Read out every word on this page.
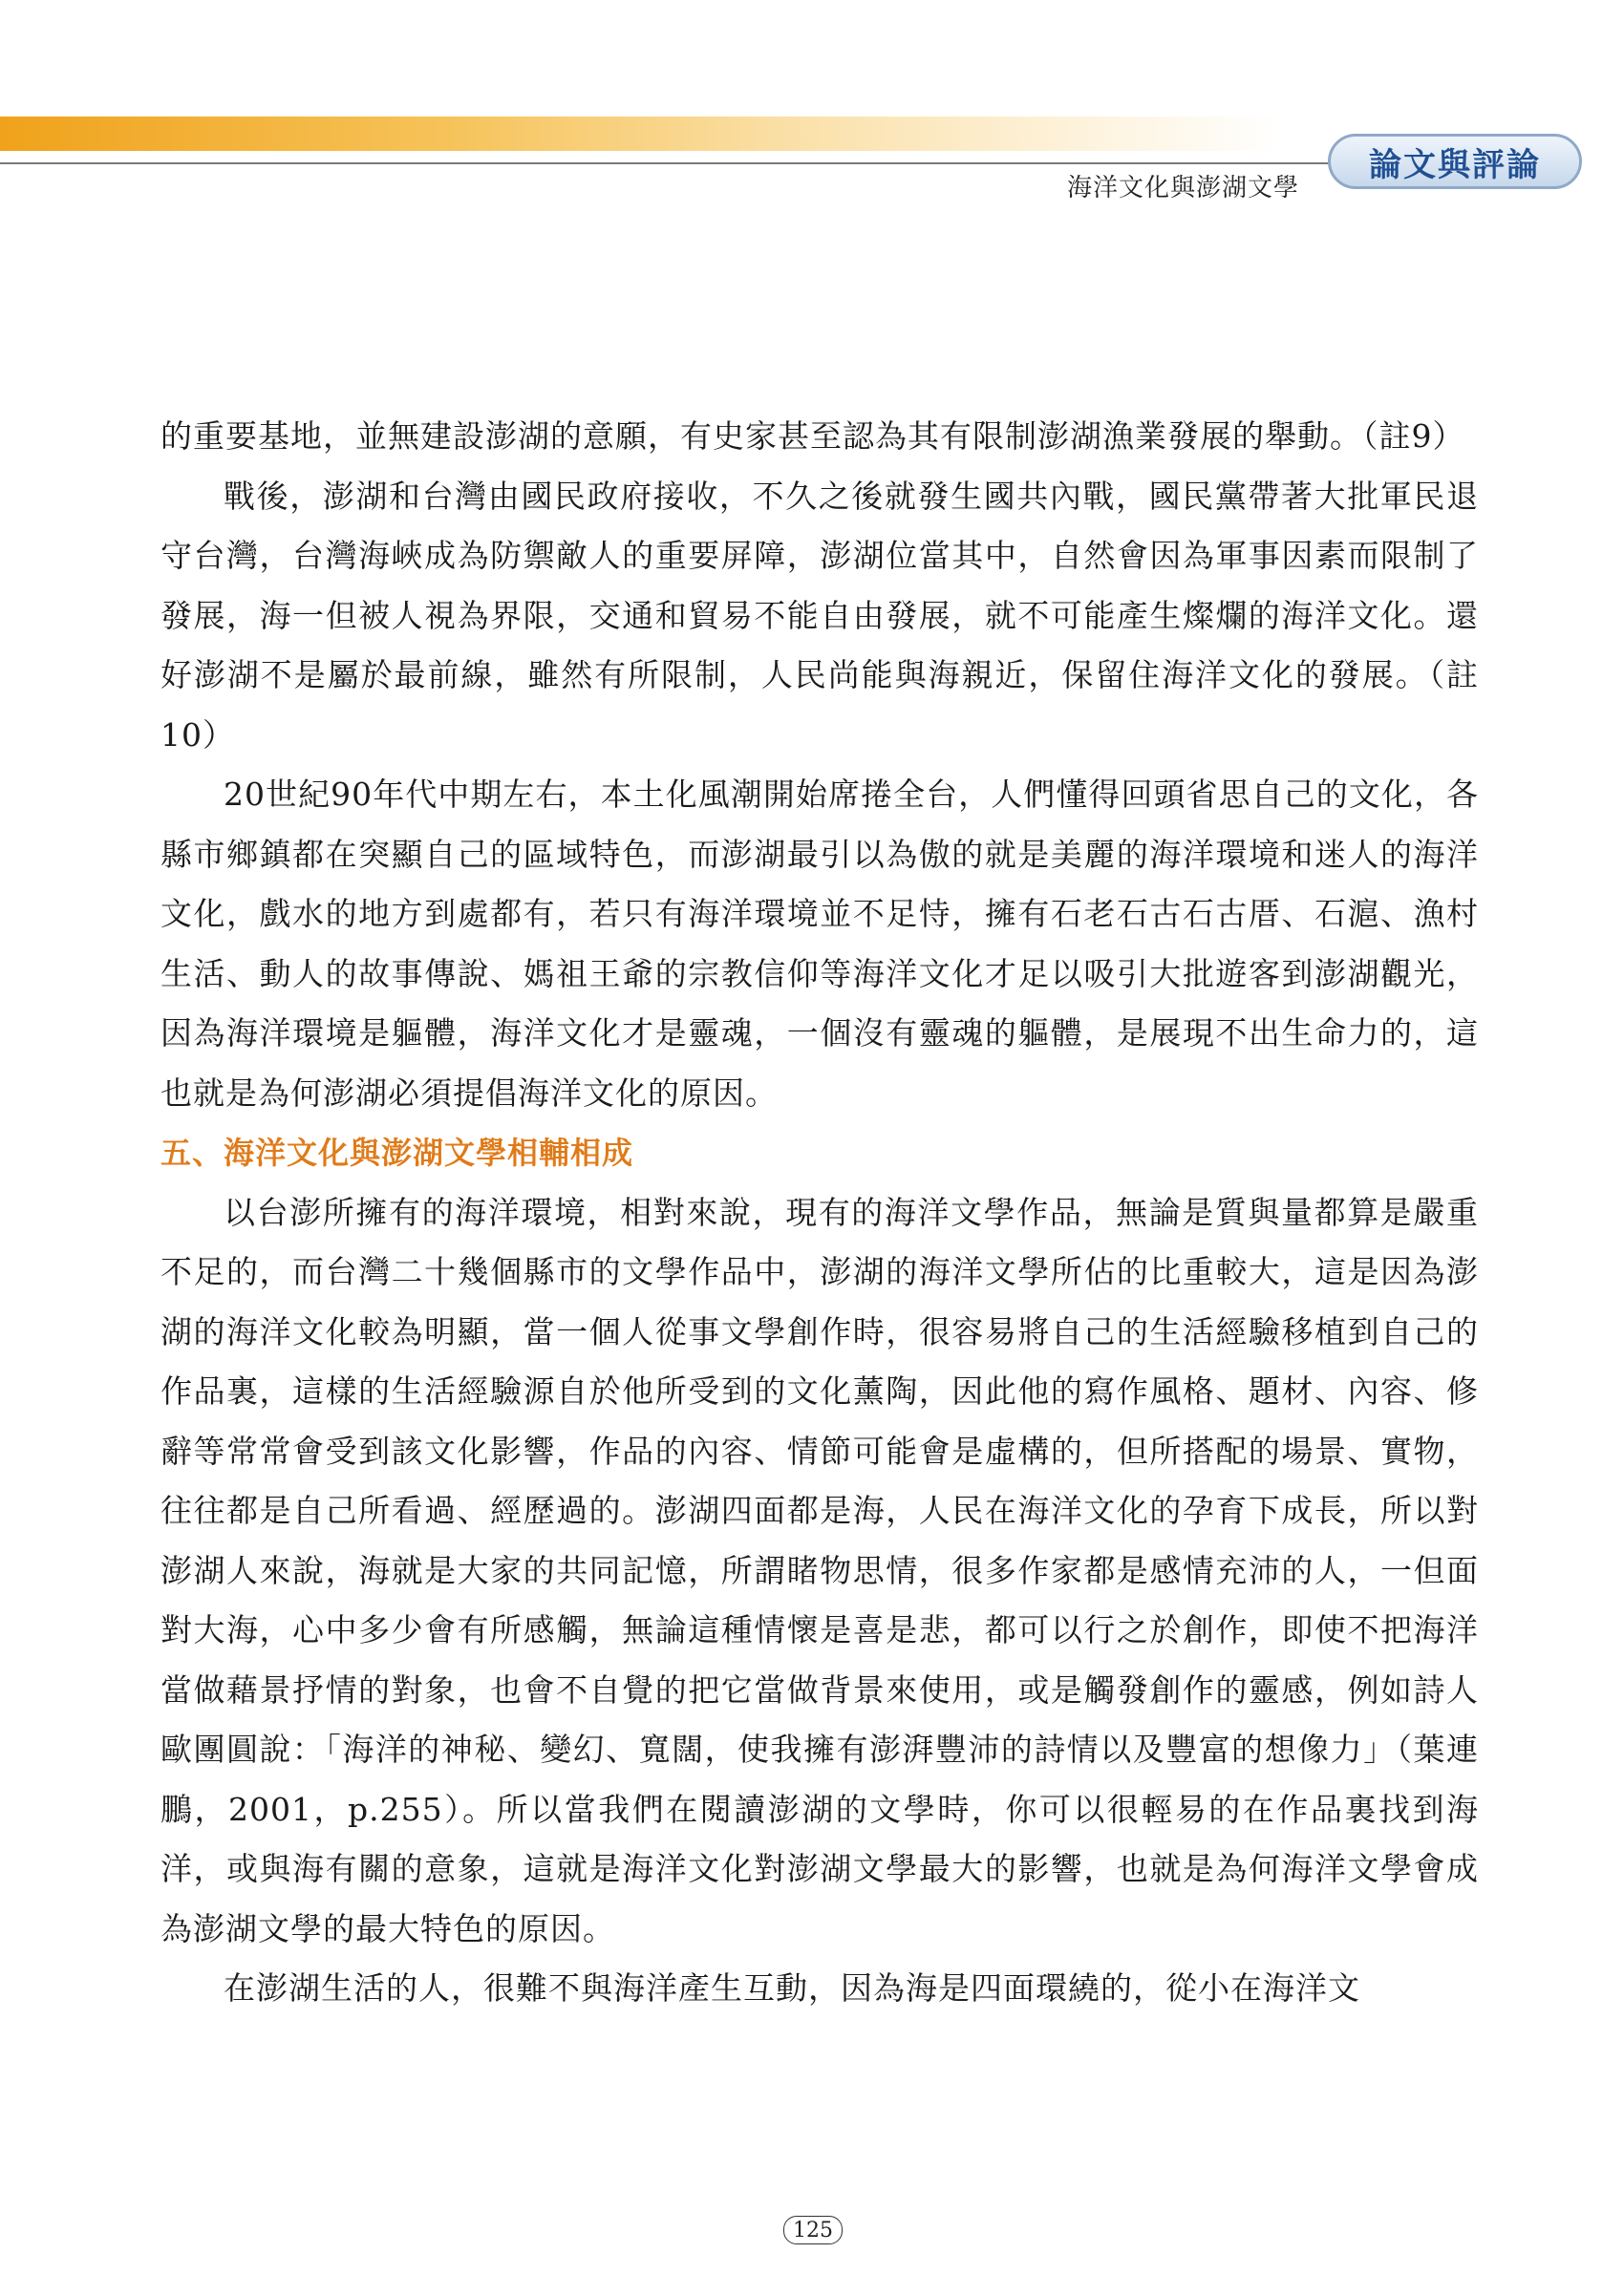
海洋文化與澎湖文學
論文與評論

的重要基地，並無建設澎湖的意願，有史家甚至認為其有限制澎湖漁業發展的舉動。（註9）

戰後，澎湖和台灣由國民政府接收，不久之後就發生國共內戰，國民黨帶著大批軍民退守台灣，台灣海峽成為防禦敵人的重要屏障，澎湖位當其中，自然會因為軍事因素而限制了發展，海一但被人視為界限，交通和貿易不能自由發展，就不可能產生燦爛的海洋文化。還好澎湖不是屬於最前線，雖然有所限制，人民尚能與海親近，保留住海洋文化的發展。（註10）

20世紀90年代中期左右，本土化風潮開始席捲全台，人們懂得回頭省思自己的文化，各縣市鄉鎮都在突顯自己的區域特色，而澎湖最引以為傲的就是美麗的海洋環境和迷人的海洋文化，戲水的地方到處都有，若只有海洋環境並不足恃，擁有石老石古石古厝、石滬、漁村生活、動人的故事傳說、媽祖王爺的宗教信仰等海洋文化才足以吸引大批遊客到澎湖觀光，因為海洋環境是軀體，海洋文化才是靈魂，一個沒有靈魂的軀體，是展現不出生命力的，這也就是為何澎湖必須提倡海洋文化的原因。

五、海洋文化與澎湖文學相輔相成

以台澎所擁有的海洋環境，相對來說，現有的海洋文學作品，無論是質與量都算是嚴重不足的，而台灣二十幾個縣市的文學作品中，澎湖的海洋文學所佔的比重較大，這是因為澎湖的海洋文化較為明顯，當一個人從事文學創作時，很容易將自己的生活經驗移植到自己的作品裏，這樣的生活經驗源自於他所受到的文化薰陶，因此他的寫作風格、題材、內容、修辭等常常會受到該文化影響，作品的內容、情節可能會是虛構的，但所搭配的場景、實物，往往都是自己所看過、經歷過的。澎湖四面都是海，人民在海洋文化的孕育下成長，所以對澎湖人來說，海就是大家的共同記憶，所謂睹物思情，很多作家都是感情充沛的人，一但面對大海，心中多少會有所感觸，無論這種情懷是喜是悲，都可以行之於創作，即使不把海洋當做藉景抒情的對象，也會不自覺的把它當做背景來使用，或是觸發創作的靈感，例如詩人歐團圓說：「海洋的神秘、變幻、寬闊，使我擁有澎湃豐沛的詩情以及豐富的想像力」（葉連鵬，2001，p.255）。所以當我們在閱讀澎湖的文學時，你可以很輕易的在作品裏找到海洋，或與海有關的意象，這就是海洋文化對澎湖文學最大的影響，也就是為何海洋文學會成為澎湖文學的最大特色的原因。

在澎湖生活的人，很難不與海洋產生互動，因為海是四面環繞的，從小在海洋文

125
